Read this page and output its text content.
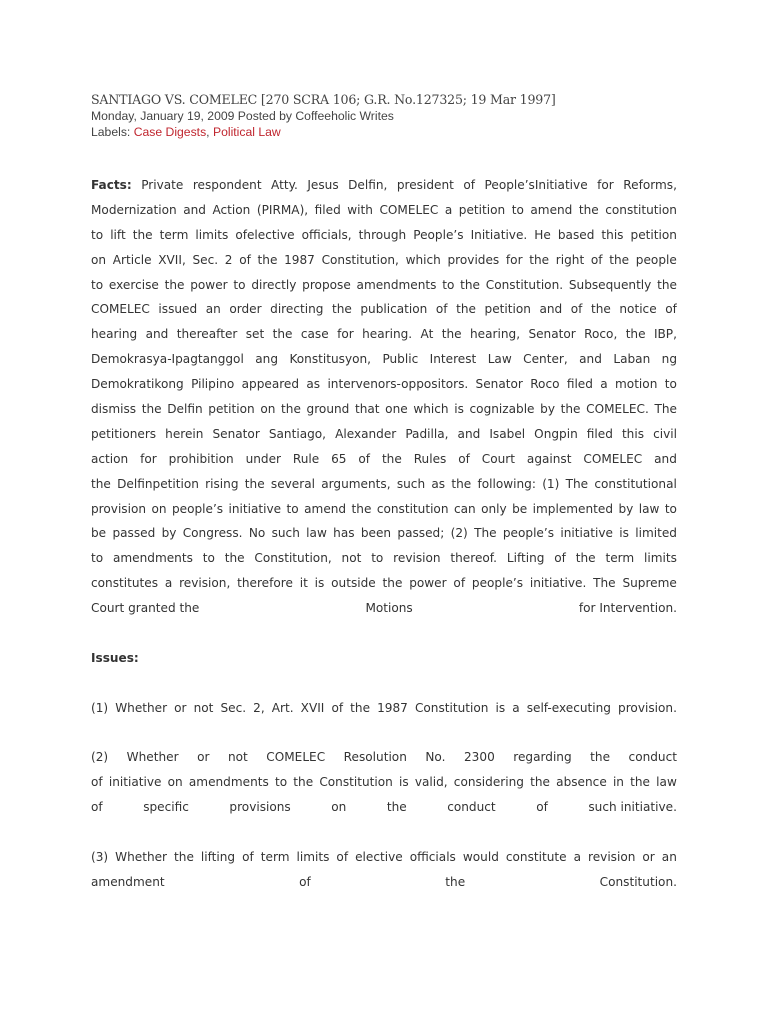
SANTIAGO VS. COMELEC [270 SCRA 106; G.R. No.127325; 19 Mar 1997]
Monday, January 19, 2009 Posted by Coffeeholic Writes
Labels: Case Digests, Political Law
Facts: Private respondent Atty. Jesus Delfin, president of People’sInitiative for Reforms,
Modernization and Action (PIRMA), filed with COMELEC a petition to amend the constitution
to lift the term limits ofelective officials, through People’s Initiative. He based this petition
on Article XVII, Sec. 2 of the 1987 Constitution, which provides for the right of the people
to exercise the power to directly propose amendments to the Constitution. Subsequently the
COMELEC issued an order directing the publication of the petition and of the notice of
hearing and thereafter set the case for hearing. At the hearing, Senator Roco, the IBP,
Demokrasya-Ipagtanggol ang Konstitusyon, Public Interest Law Center, and Laban ng
Demokratikong Pilipino appeared as intervenors-oppositors. Senator Roco filed a motion to
dismiss the Delfin petition on the ground that one which is cognizable by the COMELEC. The
petitioners herein Senator Santiago, Alexander Padilla, and Isabel Ongpin filed this civil
action for prohibition under Rule 65 of the Rules of Court against COMELEC and
the Delfinpetition rising the several arguments, such as the following: (1) The constitutional
provision on people’s initiative to amend the constitution can only be implemented by law to
be passed by Congress. No such law has been passed; (2) The people’s initiative is limited
to amendments to the Constitution, not to revision thereof. Lifting of the term limits
constitutes a revision, therefore it is outside the power of people’s initiative. The Supreme
Court granted the	Motions	for Intervention.
Issues:
(1) Whether or not Sec. 2, Art. XVII of the 1987 Constitution is a self-executing provision.
(2) Whether or not COMELEC Resolution No. 2300 regarding the conduct
of initiative on amendments to the Constitution is valid, considering the absence in the law
of	specific	provisions	on	the	conduct	of	such initiative.
(3) Whether the lifting of term limits of elective officials would constitute a revision or an
amendment	of	the	Constitution.
